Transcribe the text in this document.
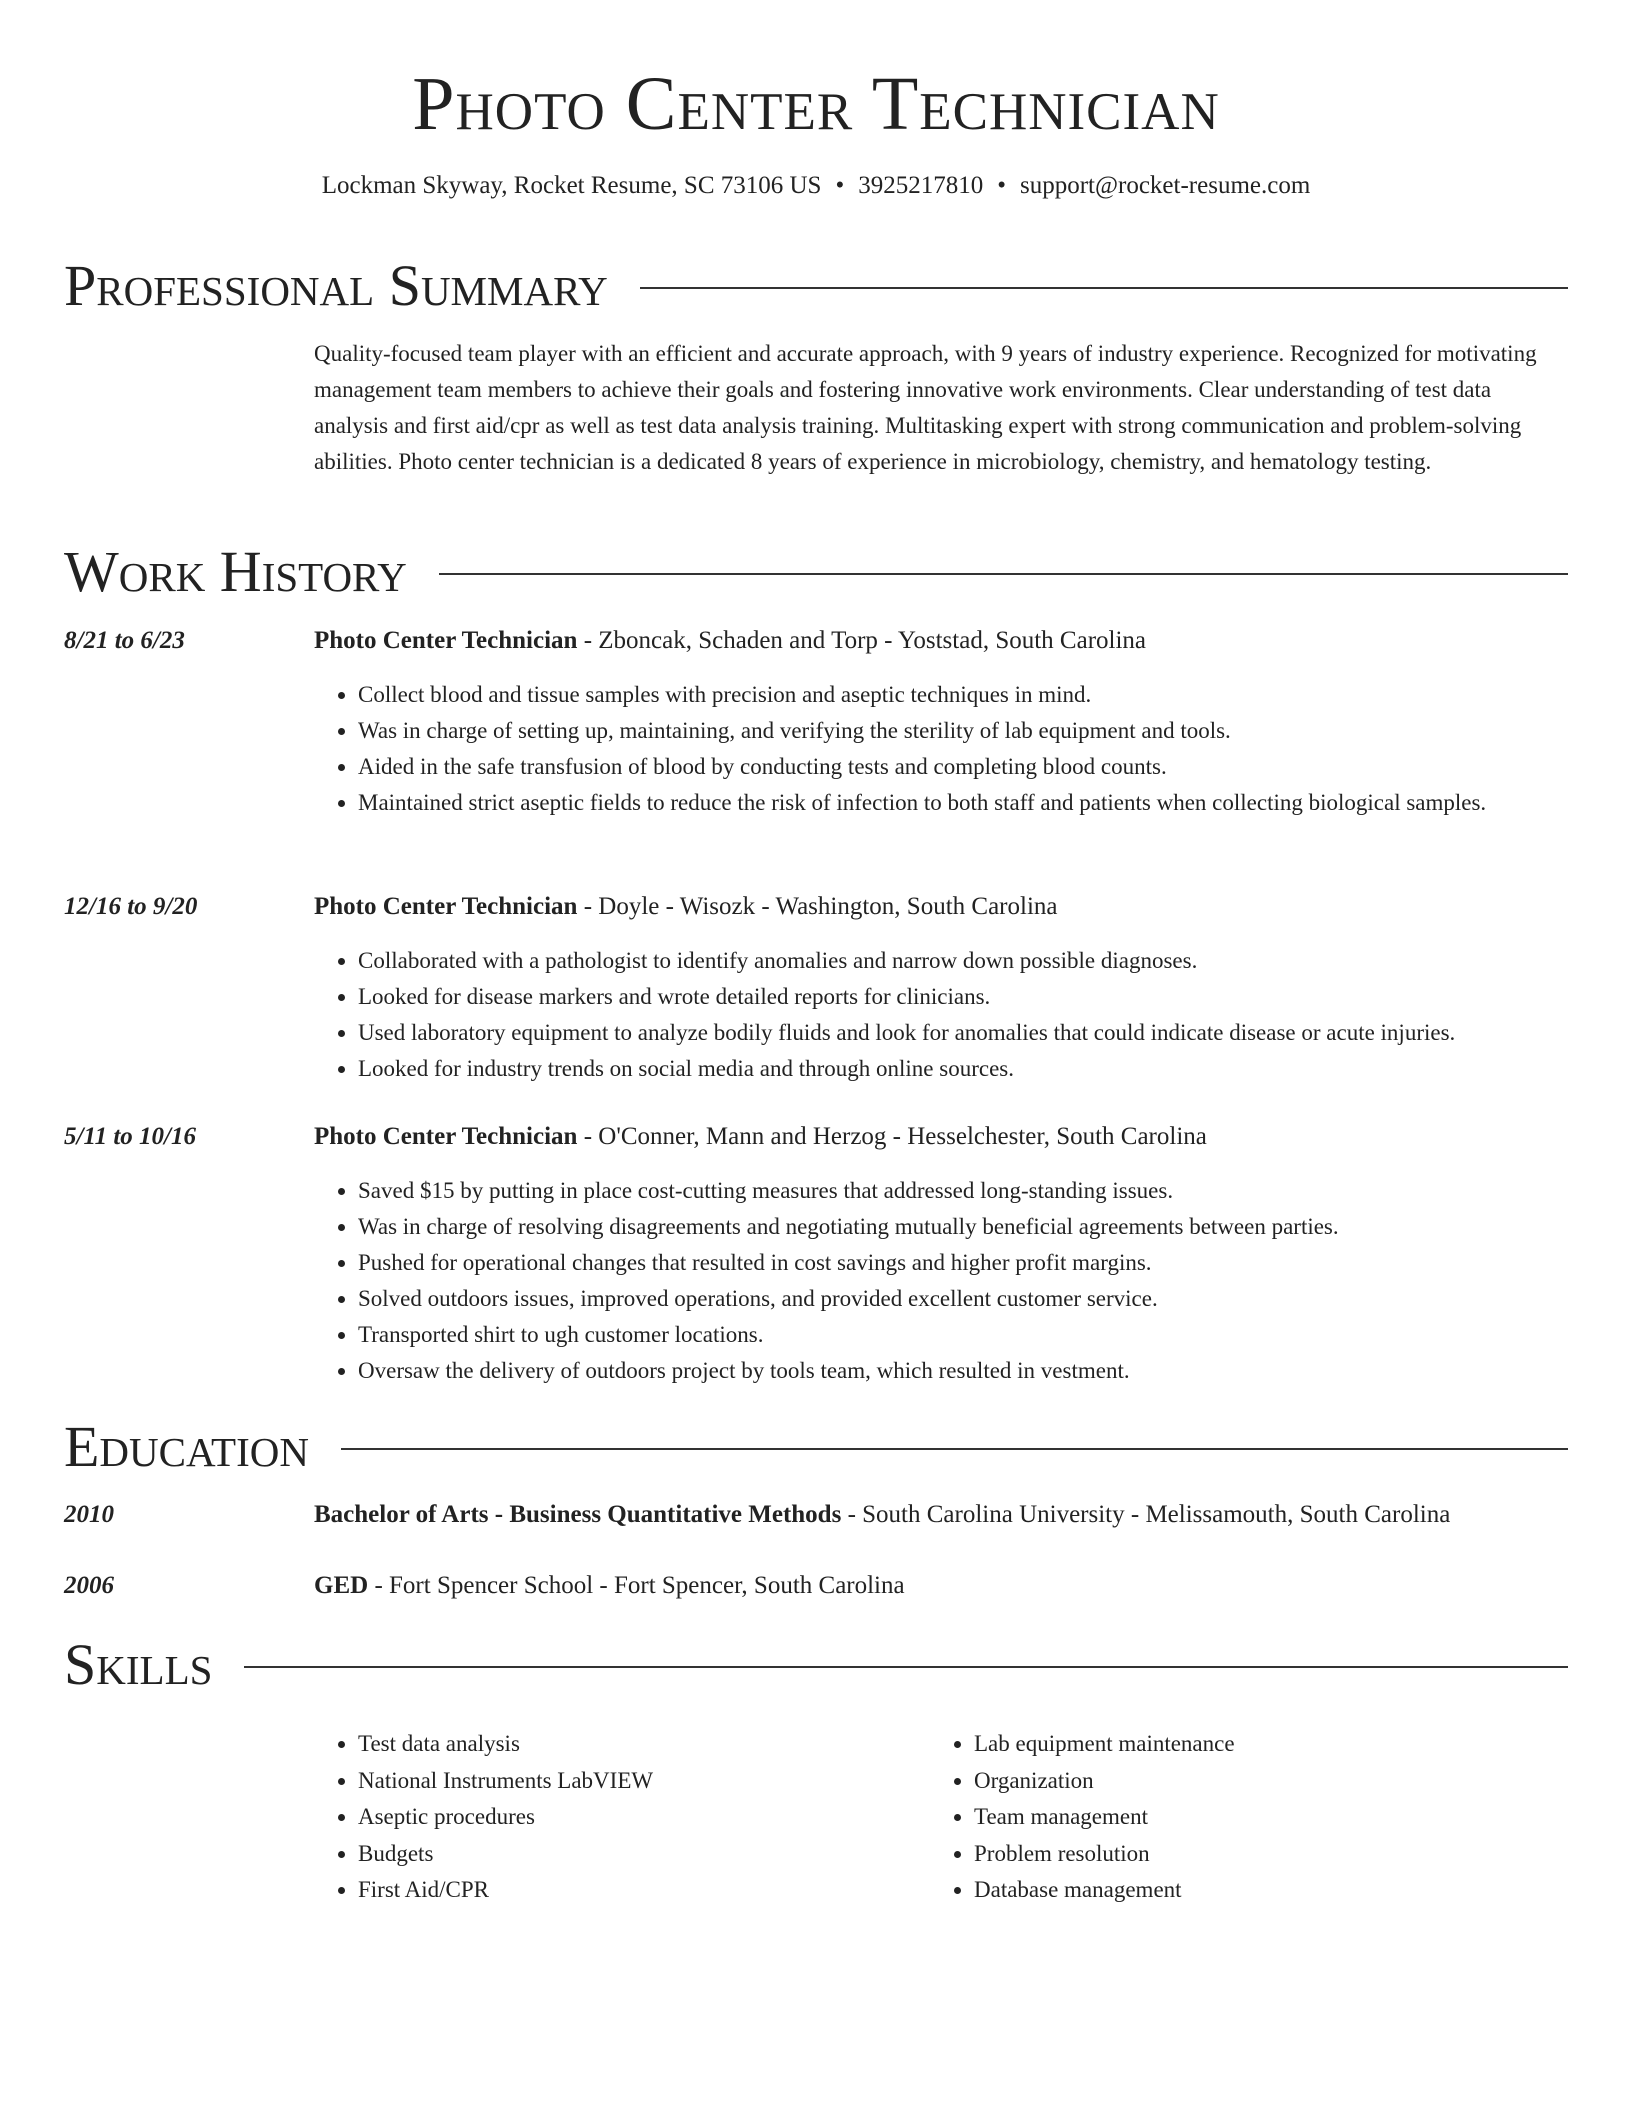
Photo Center Technician
Lockman Skyway, Rocket Resume, SC 73106 US • 3925217810 • support@rocket-resume.com
Professional Summary

Quality-focused team player with an efficient and accurate approach, with 9 years of industry experience. Recognized for motivating management team members to achieve their goals and fostering innovative work environments. Clear understanding of test data analysis and first aid/cpr as well as test data analysis training. Multitasking expert with strong communication and problem-solving abilities. Photo center technician is a dedicated 8 years of experience in microbiology, chemistry, and hematology testing.

Work History
8/21 to 6/23	Photo Center Technician - Zboncak, Schaden and Torp - Yoststad, South Carolina
• Collect blood and tissue samples with precision and aseptic techniques in mind.
• Was in charge of setting up, maintaining, and verifying the sterility of lab equipment and tools.
• Aided in the safe transfusion of blood by conducting tests and completing blood counts.
• Maintained strict aseptic fields to reduce the risk of infection to both staff and patients when collecting biological samples.
12/16 to 9/20	Photo Center Technician - Doyle - Wisozk - Washington, South Carolina
• Collaborated with a pathologist to identify anomalies and narrow down possible diagnoses.
• Looked for disease markers and wrote detailed reports for clinicians.
• Used laboratory equipment to analyze bodily fluids and look for anomalies that could indicate disease or acute injuries.
• Looked for industry trends on social media and through online sources.
5/11 to 10/16	Photo Center Technician - O'Conner, Mann and Herzog - Hesselchester, South Carolina
• Saved $15 by putting in place cost-cutting measures that addressed long-standing issues.
• Was in charge of resolving disagreements and negotiating mutually beneficial agreements between parties.
• Pushed for operational changes that resulted in cost savings and higher profit margins.
• Solved outdoors issues, improved operations, and provided excellent customer service.
• Transported shirt to ugh customer locations.
• Oversaw the delivery of outdoors project by tools team, which resulted in vestment.
Education
2010	Bachelor of Arts - Business Quantitative Methods - South Carolina University - Melissamouth, South Carolina
2006	GED - Fort Spencer School - Fort Spencer, South Carolina
Skills
• Test data analysis
• National Instruments LabVIEW
• Aseptic procedures
• Budgets
• First Aid/CPR
• Lab equipment maintenance
• Organization
• Team management
• Problem resolution
• Database management
